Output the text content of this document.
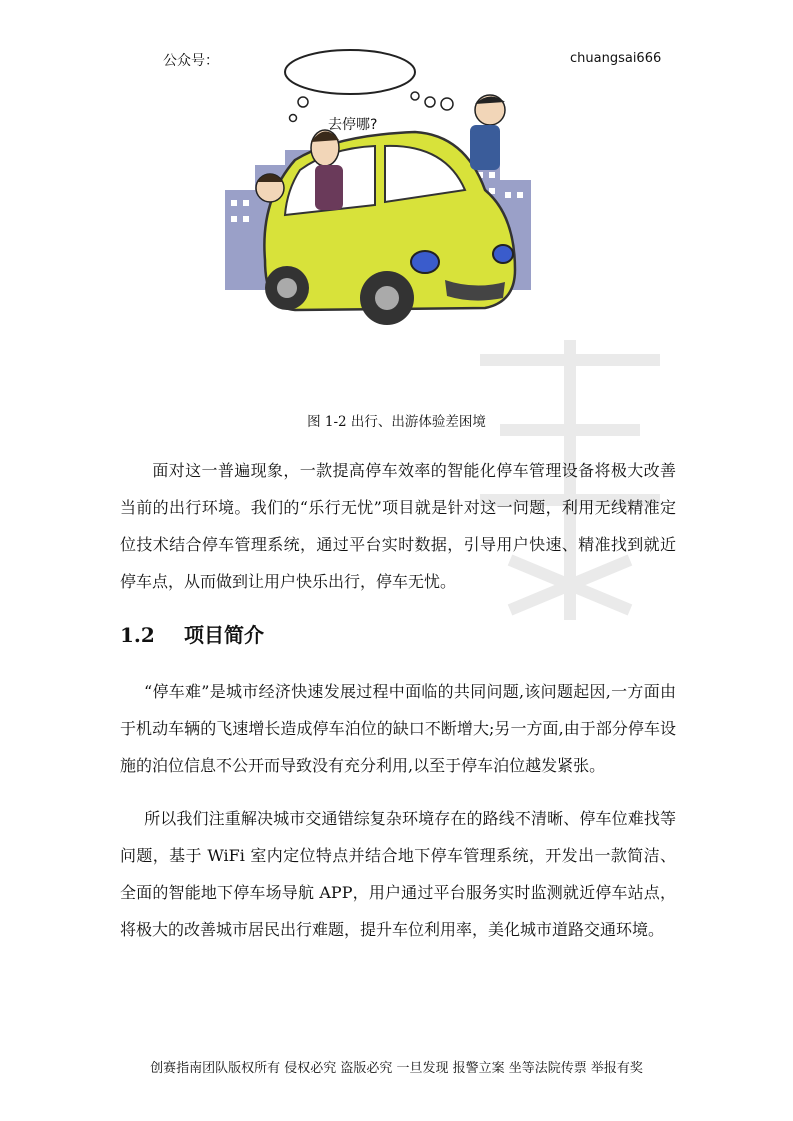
公众号：	chuangsai666
去停哪?
图 1-2 出行、出游体验差困境
面对这一普遍现象，一款提高停车效率的智能化停车管理设备将极大改善当前的出行环境。我们的“乐行无忧”项目就是针对这一问题，利用无线精准定位技术结合停车管理系统，通过平台实时数据，引导用户快速、精准找到就近停车点，从而做到让用户快乐出行，停车无忧。
1.2 项目简介
“停车难”是城市经济快速发展过程中面临的共同问题,该问题起因,一方面由于机动车辆的飞速增长造成停车泊位的缺口不断增大;另一方面,由于部分停车设施的泊位信息不公开而导致没有充分利用,以至于停车泊位越发紧张。
所以我们注重解决城市交通错综复杂环境存在的路线不清晰、停车位难找等问题，基于 WiFi 室内定位特点并结合地下停车管理系统，开发出一款简洁、全面的智能地下停车场导航 APP，用户通过平台服务实时监测就近停车站点，将极大的改善城市居民出行难题，提升车位利用率，美化城市道路交通环境。
创赛指南团队版权所有 侵权必究 盗版必究 一旦发现 报警立案 坐等法院传票 举报有奖
